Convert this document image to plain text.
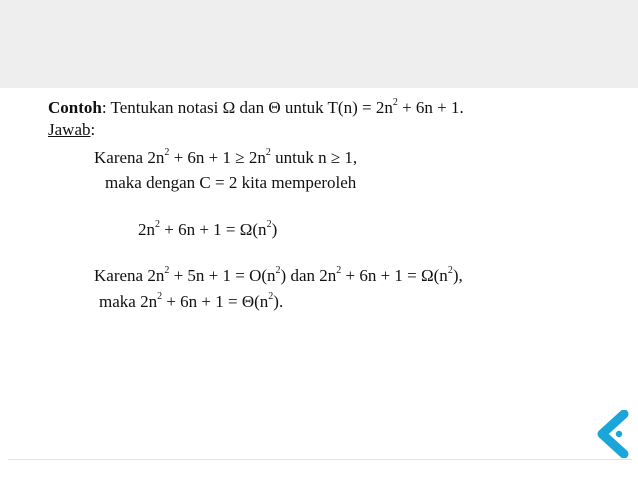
Contoh: Tentukan notasi Ω dan Θ untuk $T(n) = 2n^2 + 6n + 1$.
Jawab:
Karena $2n^2 + 6n + 1 \ge 2n^2$ untuk n ≥ 1,
maka dengan C = 2 kita memperoleh
$2n^2 + 6n + 1 = \Omega(n^2)$
Karena $2n^2 + 5n + 1 = O(n^2)$ dan $2n^2 + 6n + 1 = \Omega(n^2)$,
maka $2n^2 + 6n + 1 = \Theta(n^2)$.
